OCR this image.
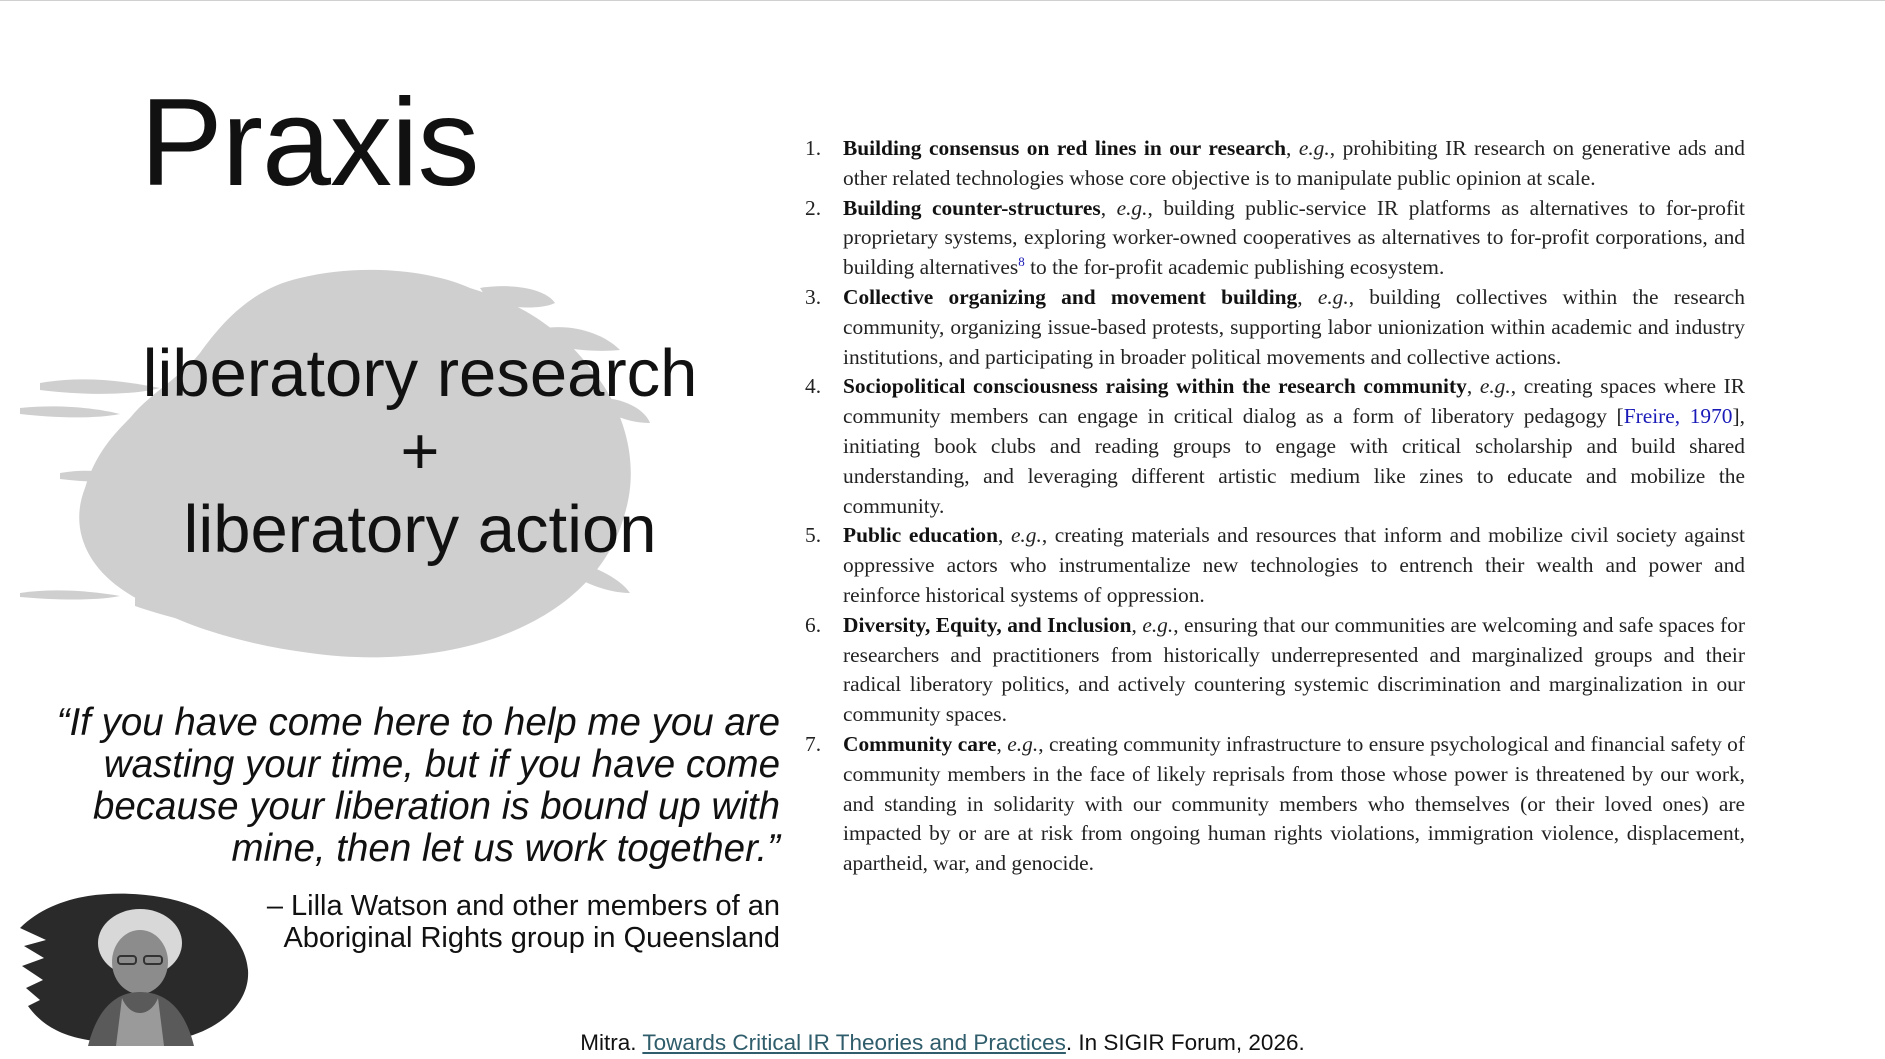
Praxis
liberatory research
+
liberatory action

“If you have come here to help me you are
wasting your time, but if you have come
because your liberation is bound up with
mine, then let us work together.”

– Lilla Watson and other members of an
Aboriginal Rights group in Queensland
1. Building consensus on red lines in our research, e.g., prohibiting IR research on generative ads and other related technologies whose core objective is to manipulate public opinion at scale.
2. Building counter-structures, e.g., building public-service IR platforms as alternatives to for-profit proprietary systems, exploring worker-owned cooperatives as alternatives to for-profit corporations, and building alternatives$^8$ to the for-profit academic publishing ecosystem.
3. Collective organizing and movement building, e.g., building collectives within the research community, organizing issue-based protests, supporting labor unionization within academic and industry institutions, and participating in broader political movements and collective actions.
4. Sociopolitical consciousness raising within the research community, e.g., creating spaces where IR community members can engage in critical dialog as a form of liberatory pedagogy [Freire, 1970], initiating book clubs and reading groups to engage with critical scholarship and build shared understanding, and leveraging different artistic medium like zines to educate and mobilize the community.
5. Public education, e.g., creating materials and resources that inform and mobilize civil society against oppressive actors who instrumentalize new technologies to entrench their wealth and power and reinforce historical systems of oppression.
6. Diversity, Equity, and Inclusion, e.g., ensuring that our communities are welcoming and safe spaces for researchers and practitioners from historically underrepresented and marginalized groups and their radical liberatory politics, and actively countering systemic discrimination and marginalization in our community spaces.
7. Community care, e.g., creating community infrastructure to ensure psychological and financial safety of community members in the face of likely reprisals from those whose power is threatened by our work, and standing in solidarity with our community members who themselves (or their loved ones) are impacted by or are at risk from ongoing human rights violations, immigration violence, displacement, apartheid, war, and genocide.
Mitra. Towards Critical IR Theories and Practices. In SIGIR Forum, 2026.
